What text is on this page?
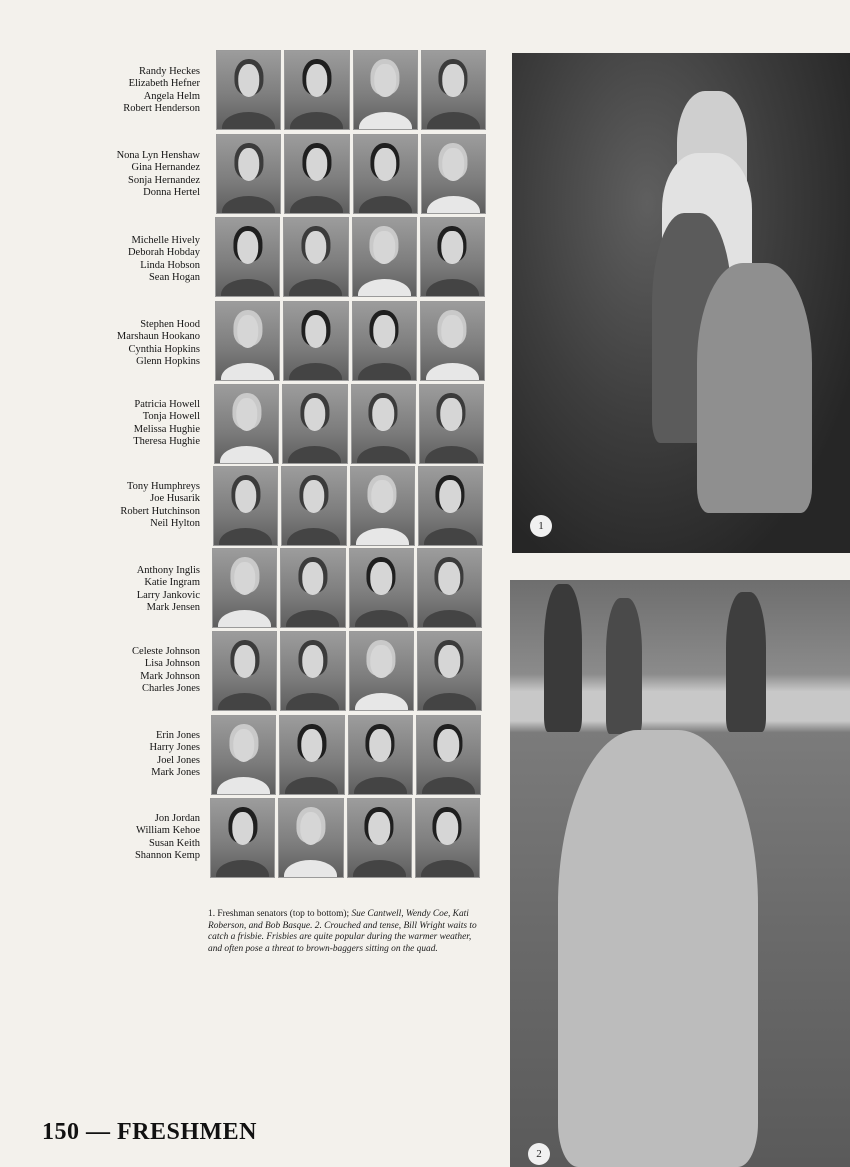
Randy Heckes
Elizabeth Hefner
Angela Helm
Robert Henderson
Nona Lyn Henshaw
Gina Hernandez
Sonja Hernandez
Donna Hertel
Michelle Hively
Deborah Hobday
Linda Hobson
Sean Hogan
Stephen Hood
Marshaun Hookano
Cynthia Hopkins
Glenn Hopkins
Patricia Howell
Tonja Howell
Melissa Hughie
Theresa Hughie
Tony Humphreys
Joe Husarik
Robert Hutchinson
Neil Hylton
Anthony Inglis
Katie Ingram
Larry Jankovic
Mark Jensen
Celeste Johnson
Lisa Johnson
Mark Johnson
Charles Jones
Erin Jones
Harry Jones
Joel Jones
Mark Jones
Jon Jordan
William Kehoe
Susan Keith
Shannon Kemp
1. Freshman senators (top to bottom); Sue Cantwell, Wendy Coe, Kati Roberson, and Bob Basque. 2. Crouched and tense, Bill Wright waits to catch a frisbie. Frisbies are quite popular during the warmer weather, and often pose a threat to brown-baggers sitting on the quad.
150 — FRESHMEN
1
2
